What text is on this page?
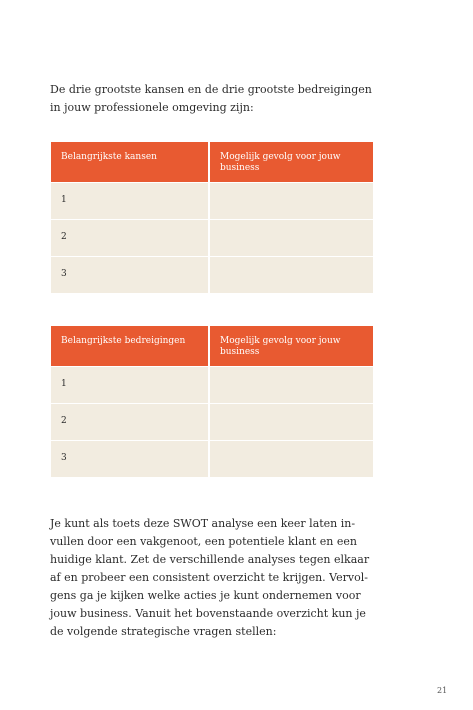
De drie grootste kansen en de drie grootste bedreigingen
in jouw professionele omgeving zijn:
Belangrijkste kansen	Mogelijk gevolg voor jouw business
1	
2	
3	
Belangrijkste bedreigingen	Mogelijk gevolg voor jouw business
1	
2	
3	
Je kunt als toets deze SWOT analyse een keer laten in-
vullen door een vakgenoot, een potentiele klant en een
huidige klant. Zet de verschillende analyses tegen elkaar
af en probeer een consistent overzicht te krijgen. Vervol-
gens ga je kijken welke acties je kunt ondernemen voor
jouw business. Vanuit het bovenstaande overzicht kun je
de volgende strategische vragen stellen:
21
